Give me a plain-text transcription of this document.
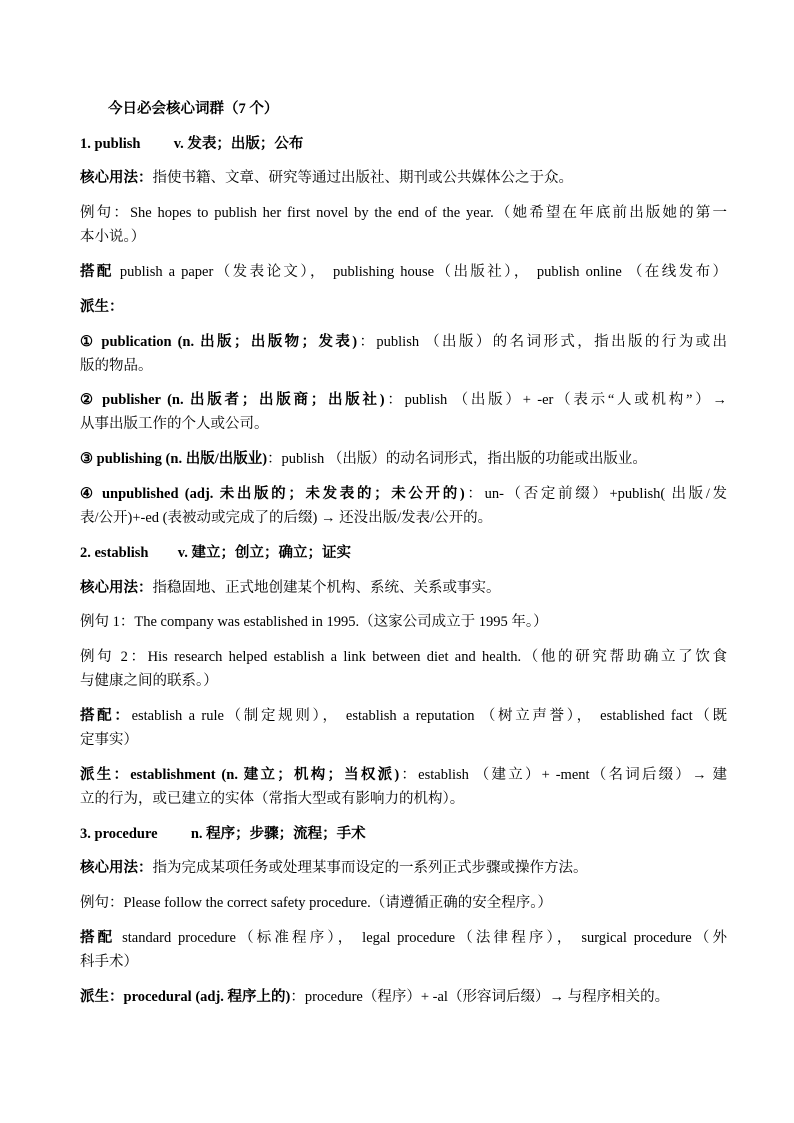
今日必会核心词群（7 个）
1. publish v. 发表；出版；公布
核心用法：指使书籍、文章、研究等通过出版社、期刊或公共媒体公之于众。
例句：She hopes to publish her first novel by the end of the year.（她希望在年底前出版她的第一
本小说。）
搭配 publish a paper（发表论文）， publishing house（出版社）， publish online （在线发布）
派生：
① publication (n. 出版；出版物；发表)：publish （出版）的名词形式，指出版的行为或出
版的物品。
② publisher (n. 出版者；出版商；出版社)：publish （出版）+ -er（表示“人或机构”）→
从事出版工作的个人或公司。
③ publishing (n. 出版/出版业)：publish （出版）的动名词形式，指出版的功能或出版业。
④ unpublished (adj. 未出版的；未发表的；未公开的)：un-（否定前缀）+publish( 出版/发
表/公开)+-ed (表被动或完成了的后缀) → 还没出版/发表/公开的。
2. establish v. 建立；创立；确立；证实
核心用法：指稳固地、正式地创建某个机构、系统、关系或事实。
例句 1：The company was established in 1995.（这家公司成立于 1995 年。）
例句 2：His research helped establish a link between diet and health.（他的研究帮助确立了饮食
与健康之间的联系。）
搭配：establish a rule（制定规则）， establish a reputation （树立声誉）， established fact（既
定事实）
派生：establishment (n. 建立；机构；当权派)：establish （建立）+ -ment（名词后缀）→ 建
立的行为，或已建立的实体（常指大型或有影响力的机构）。
3. procedure n. 程序；步骤；流程；手术
核心用法：指为完成某项任务或处理某事而设定的一系列正式步骤或操作方法。
例句：Please follow the correct safety procedure.（请遵循正确的安全程序。）
搭配 standard procedure（标准程序）， legal procedure（法律程序）， surgical procedure（外
科手术）
派生：procedural (adj. 程序上的)：procedure（程序）+ -al（形容词后缀）→ 与程序相关的。
